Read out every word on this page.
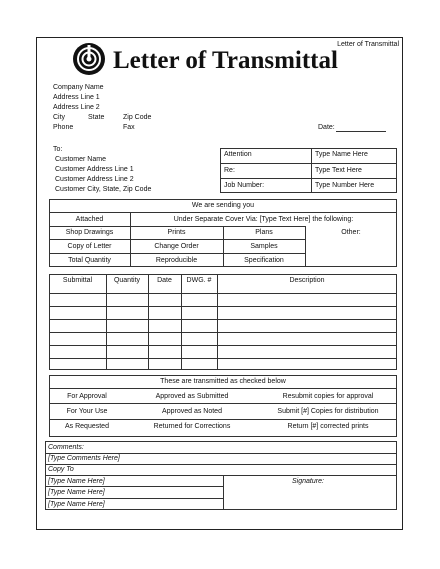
Letter of Transmittal
Letter of Transmittal
Company Name
Address Line 1
Address Line 2
City	State	Zip Code
Phone	Fax	Date:
To:
Customer Name
Customer Address Line 1
Customer Address Line 2
Customer City, State, Zip Code
Attention	Type Name Here
Re:	Type Text Here
Job Number:	Type Number Here
We are sending you
Attached	Under Separate Cover Via: [Type Text Here] the following:
Shop Drawings	Prints	Plans	Other:
Copy of Letter	Change Order	Samples
Total Quantity	Reproducible	Specification
Submittal	Quantity	Date	DWG. #	Description
These are transmitted as checked below
For Approval	Approved as Submitted	Resubmit copies for approval
For Your Use	Approved as Noted	Submit [#] Copies for distribution
As Requested	Returned for Corrections	Return [#] corrected prints
Comments:
[Type Comments Here]
Copy To
[Type Name Here]
[Type Name Here]
[Type Name Here]
Signature:
